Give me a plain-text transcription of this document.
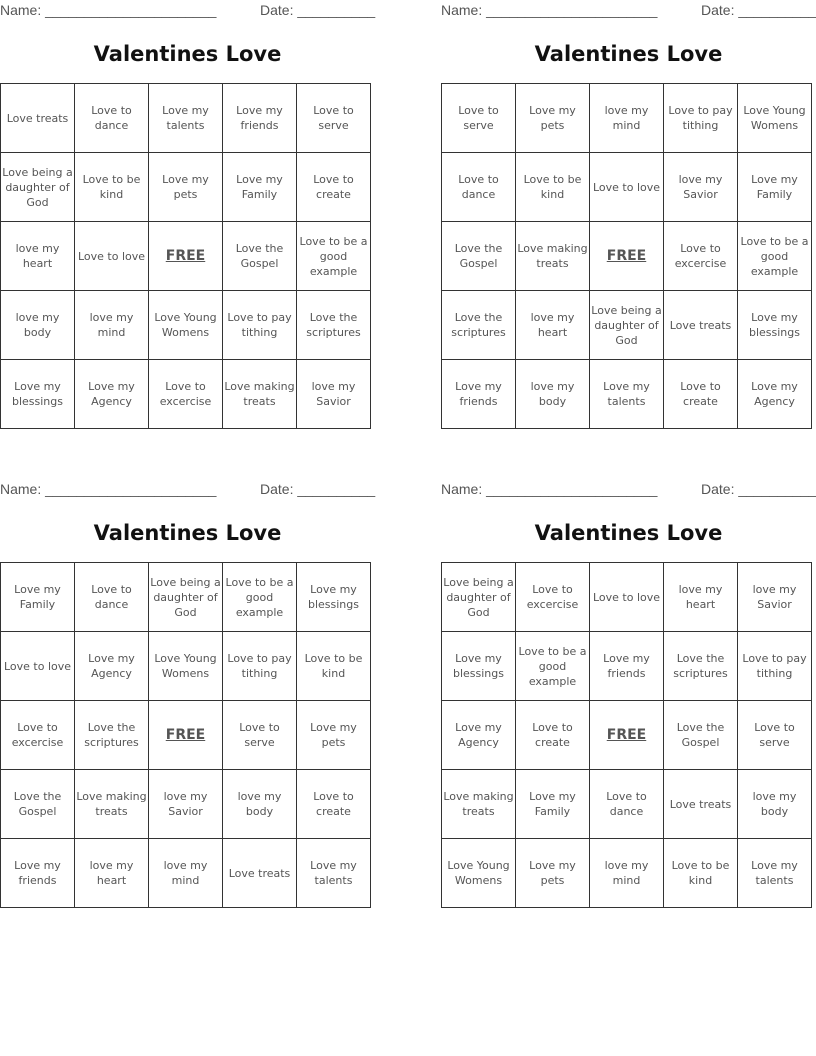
Name: ______________________	Date: __________
Valentines Love
Love treats	Love to dance	Love my talents	Love my friends	Love to serve
Love being a daughter of God	Love to be kind	Love my pets	Love my Family	Love to create
love my heart	Love to love	FREE	Love the Gospel	Love to be a good example
love my body	love my mind	Love Young Womens	Love to pay tithing	Love the scriptures
Love my blessings	Love my Agency	Love to excercise	Love making treats	love my Savior
Name: ______________________	Date: __________
Valentines Love
Love to serve	Love my pets	love my mind	Love to pay tithing	Love Young Womens
Love to dance	Love to be kind	Love to love	love my Savior	Love my Family
Love the Gospel	Love making treats	FREE	Love to excercise	Love to be a good example
Love the scriptures	love my heart	Love being a daughter of God	Love treats	Love my blessings
Love my friends	love my body	Love my talents	Love to create	Love my Agency
Name: ______________________	Date: __________
Valentines Love
Love my Family	Love to dance	Love being a daughter of God	Love to be a good example	Love my blessings
Love to love	Love my Agency	Love Young Womens	Love to pay tithing	Love to be kind
Love to excercise	Love the scriptures	FREE	Love to serve	Love my pets
Love the Gospel	Love making treats	love my Savior	love my body	Love to create
Love my friends	love my heart	love my mind	Love treats	Love my talents
Name: ______________________	Date: __________
Valentines Love
Love being a daughter of God	Love to excercise	Love to love	love my heart	love my Savior
Love my blessings	Love to be a good example	Love my friends	Love the scriptures	Love to pay tithing
Love my Agency	Love to create	FREE	Love the Gospel	Love to serve
Love making treats	Love my Family	Love to dance	Love treats	love my body
Love Young Womens	Love my pets	love my mind	Love to be kind	Love my talents
